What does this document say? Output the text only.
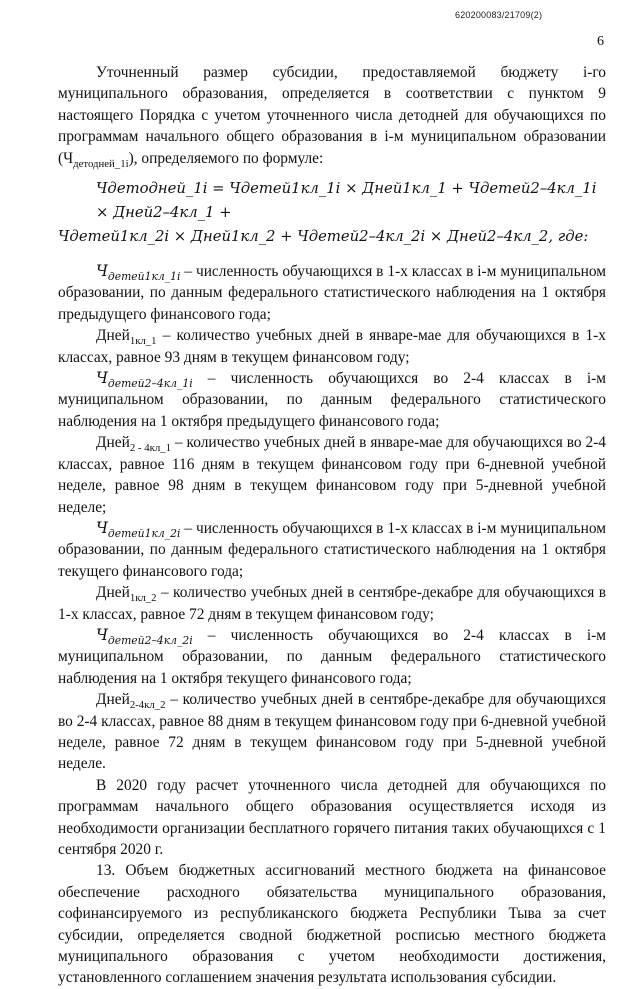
620200083/21709(2)
6

Уточненный размер субсидии, предоставляемой бюджету i-го муниципального образования, определяется в соответствии с пунктом 9 настоящего Порядка с учетом уточненного числа детодней для обучающихся по программам начального общего образования в i-м муниципальном образовании $(Ч_{детодней\_1i})$, определяемого по формуле:

Чдетодней_1i = Чдетей1кл_1i × Дней1кл_1 + Чдетей2–4кл_1i × Дней2–4кл_1 +
Чдетей1кл_2i × Дней1кл_2 + Чдетей2–4кл_2i × Дней2–4кл_2, где:

$Ч_{детей1кл\_1i}$ – численность обучающихся в 1-х классах в i-м муниципальном образовании, по данным федерального статистического наблюдения на 1 октября предыдущего финансового года;

Дней$_{1кл\_1}$ – количество учебных дней в январе-мае для обучающихся в 1-х классах, равное 93 дням в текущем финансовом году;

$Ч_{детей2-4кл\_1i}$ – численность обучающихся во 2-4 классах в i-м муниципальном образовании, по данным федерального статистического наблюдения на 1 октября предыдущего финансового года;

Дней$_{2 - 4кл\_1}$ – количество учебных дней в январе-мае для обучающихся во 2-4 классах, равное 116 дням в текущем финансовом году при 6-дневной учебной неделе, равное 98 дням в текущем финансовом году при 5-дневной учебной неделе;

$Ч_{детей1кл\_2i}$ – численность обучающихся в 1-х классах в i-м муниципальном образовании, по данным федерального статистического наблюдения на 1 октября текущего финансового года;

Дней$_{1кл\_2}$ – количество учебных дней в сентябре-декабре для обучающихся в 1-х классах, равное 72 дням в текущем финансовом году;

$Ч_{детей2-4кл\_2i}$ – численность обучающихся во 2-4 классах в i-м муниципальном образовании, по данным федерального статистического наблюдения на 1 октября текущего финансового года;

Дней$_{2-4кл\_2}$ – количество учебных дней в сентябре-декабре для обучающихся во 2-4 классах, равное 88 дням в текущем финансовом году при 6-дневной учебной неделе, равное 72 дням в текущем финансовом году при 5-дневной учебной неделе.

В 2020 году расчет уточненного числа детодней для обучающихся по программам начального общего образования осуществляется исходя из необходимости организации бесплатного горячего питания таких обучающихся с 1 сентября 2020 г.

13. Объем бюджетных ассигнований местного бюджета на финансовое обеспечение расходного обязательства муниципального образования, софинансируемого из республиканского бюджета Республики Тыва за счет субсидии, определяется сводной бюджетной росписью местного бюджета муниципального образования с учетом необходимости достижения, установленного соглашением значения результата использования субсидии.
